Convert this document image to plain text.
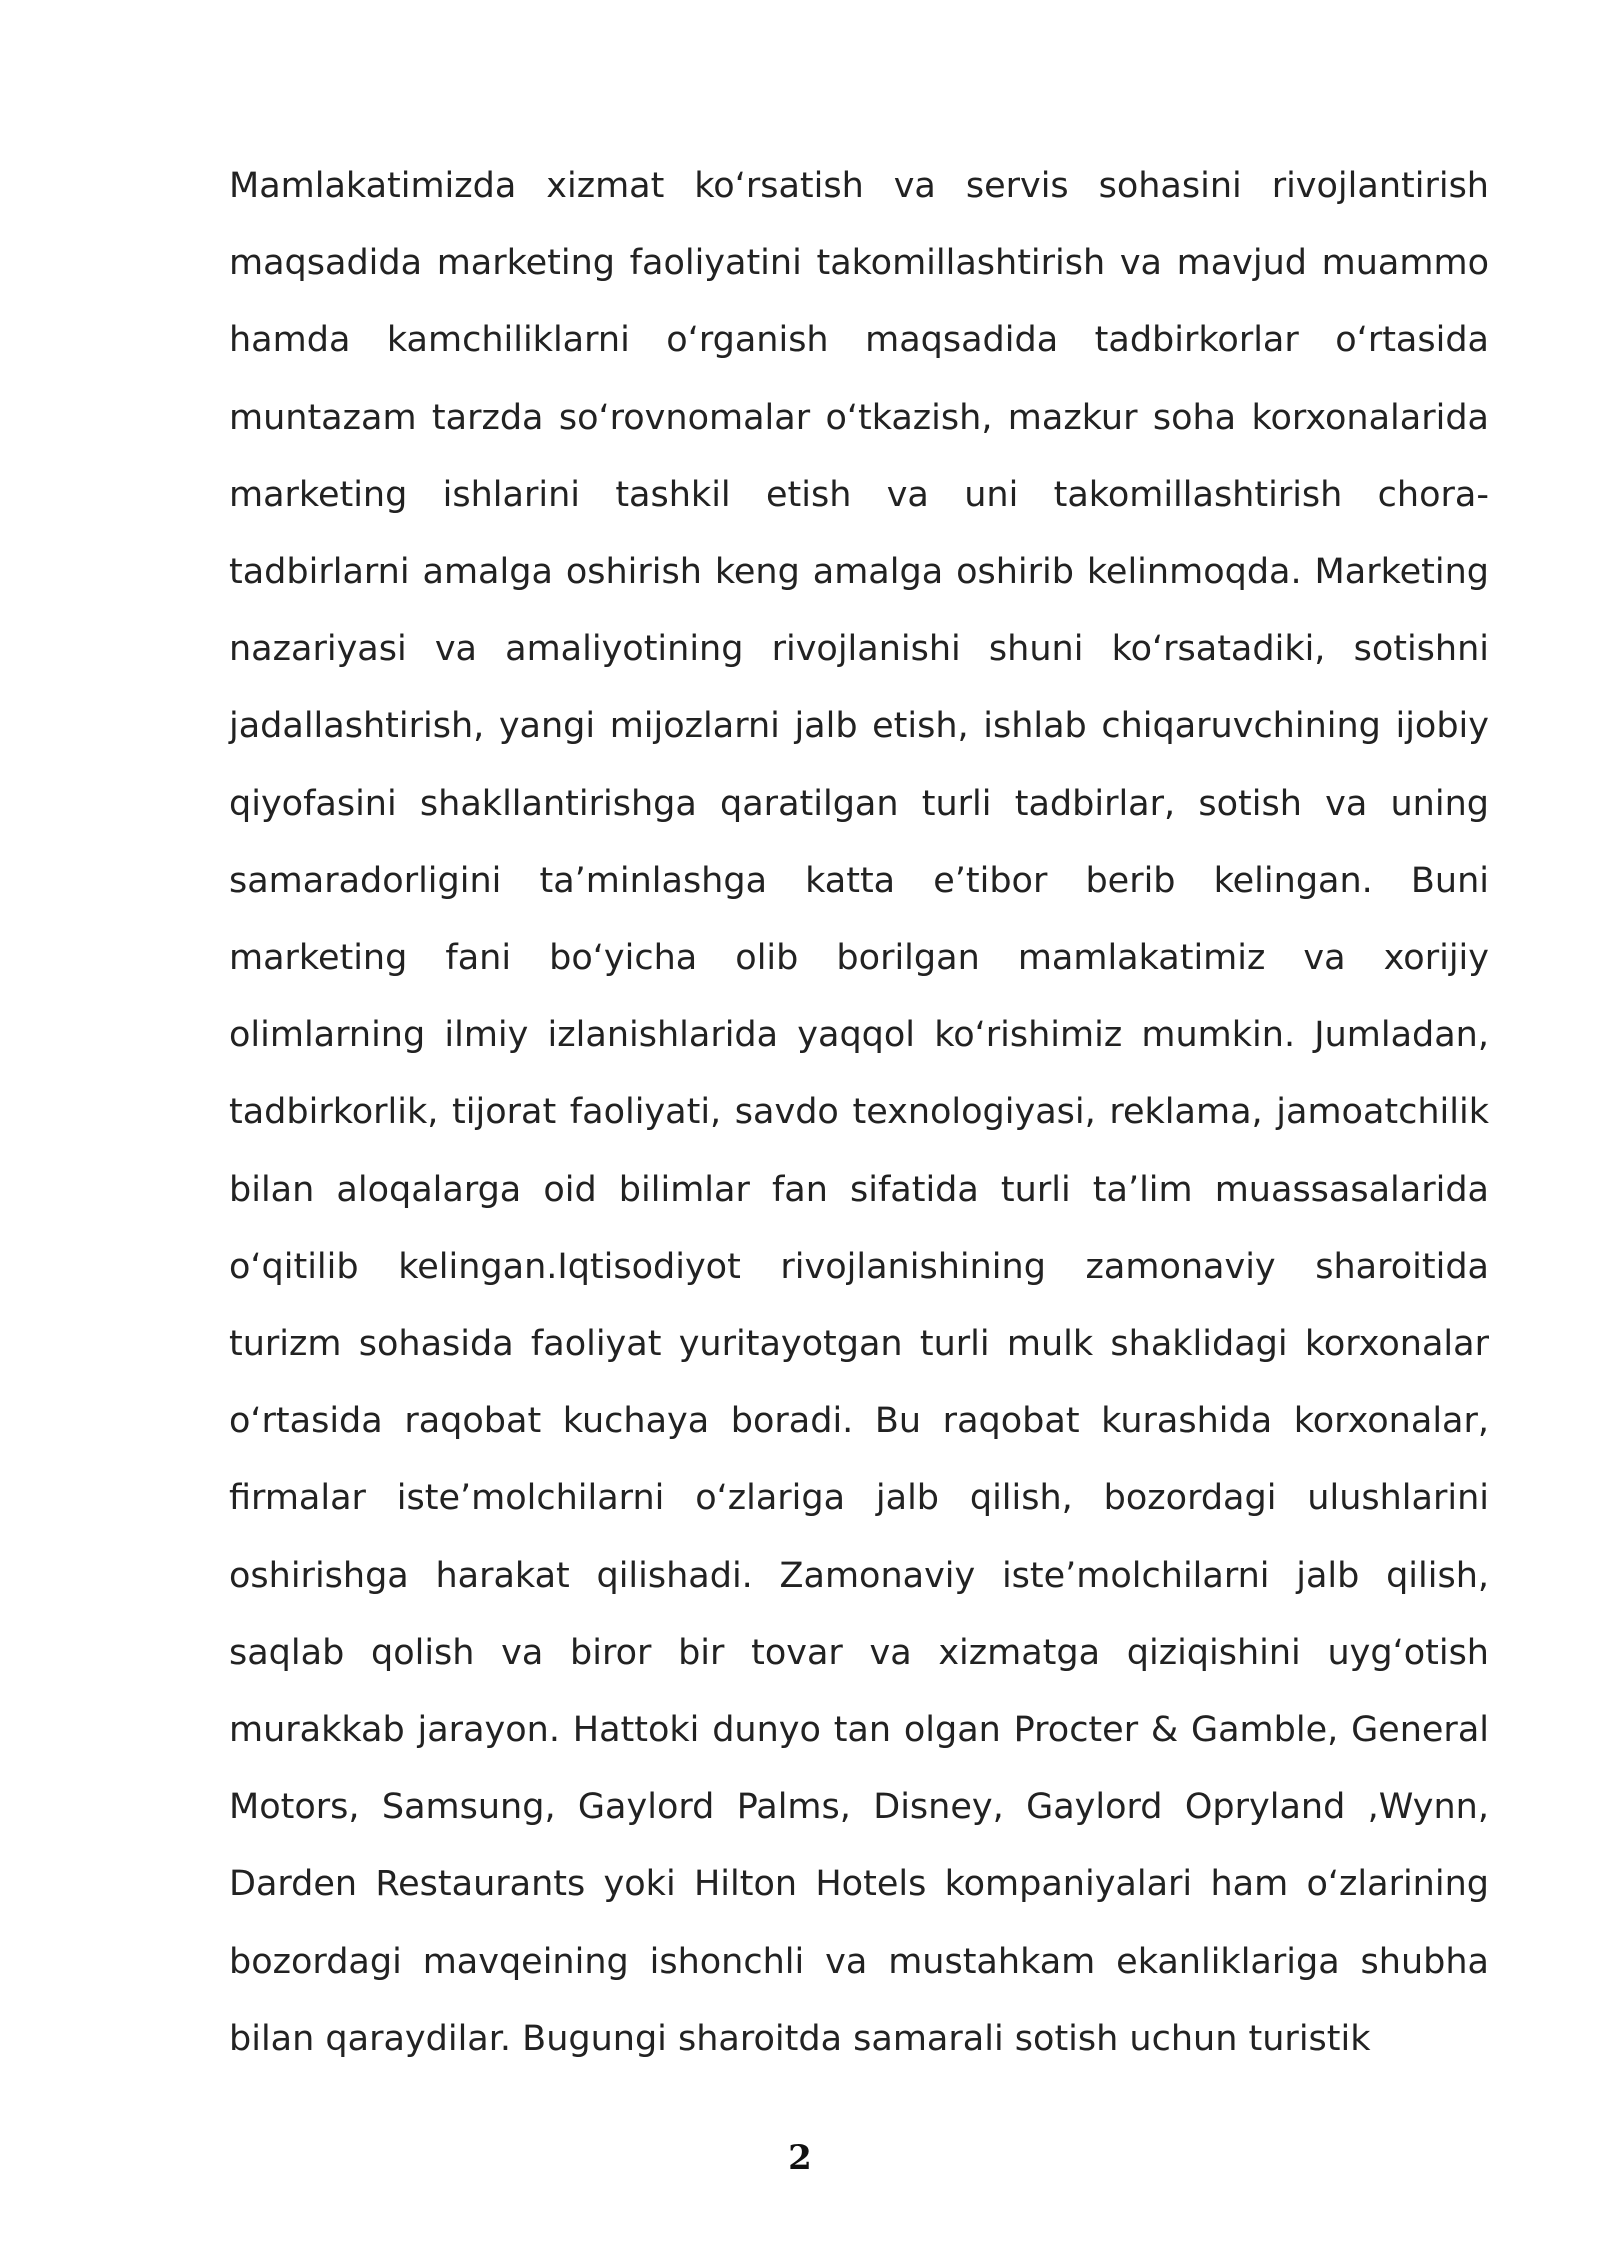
Mamlakatimizda xizmat ko‘rsatish va servis sohasini rivojlantirish maqsadida marketing faoliyatini takomillashtirish va mavjud muammo hamda kamchiliklarni o‘rganish maqsadida tadbirkorlar o‘rtasida muntazam tarzda so‘rovnomalar o‘tkazish, mazkur soha korxonalarida marketing ishlarini tashkil etish va uni takomillashtirish chora-tadbirlarni amalga oshirish keng amalga oshirib kelinmoqda. Marketing nazariyasi va amaliyotining rivojlanishi shuni ko‘rsatadiki, sotishni jadallashtirish, yangi mijozlarni jalb etish, ishlab chiqaruvchining ijobiy qiyofasini shakllantirishga qaratilgan turli tadbirlar, sotish va uning samaradorligini ta’minlashga katta e’tibor berib kelingan. Buni marketing fani bo‘yicha olib borilgan mamlakatimiz va xorijiy olimlarning ilmiy izlanishlarida yaqqol ko‘rishimiz mumkin. Jumladan, tadbirkorlik, tijorat faoliyati, savdo texnologiyasi, reklama, jamoatchilik bilan aloqalarga oid bilimlar fan sifatida turli ta’lim muassasalarida o‘qitilib kelingan.Iqtisodiyot rivojlanishining zamonaviy sharoitida turizm sohasida faoliyat yuritayotgan turli mulk shaklidagi korxonalar o‘rtasida raqobat kuchaya boradi. Bu raqobat kurashida korxonalar, firmalar iste’molchilarni o‘zlariga jalb qilish, bozordagi ulushlarini oshirishga harakat qilishadi. Zamonaviy iste’molchilarni jalb qilish, saqlab qolish va biror bir tovar va xizmatga qiziqishini uyg‘otish murakkab jarayon. Hattoki dunyo tan olgan Procter & Gamble, General Motors, Samsung, Gaylord Palms, Disney, Gaylord Opryland ,Wynn, Darden Restaurants yoki Hilton Hotels kompaniyalari ham o‘zlarining bozordagi mavqeining ishonchli va mustahkam ekanliklariga shubha bilan qaraydilar. Bugungi sharoitda samarali sotish uchun turistik

2
